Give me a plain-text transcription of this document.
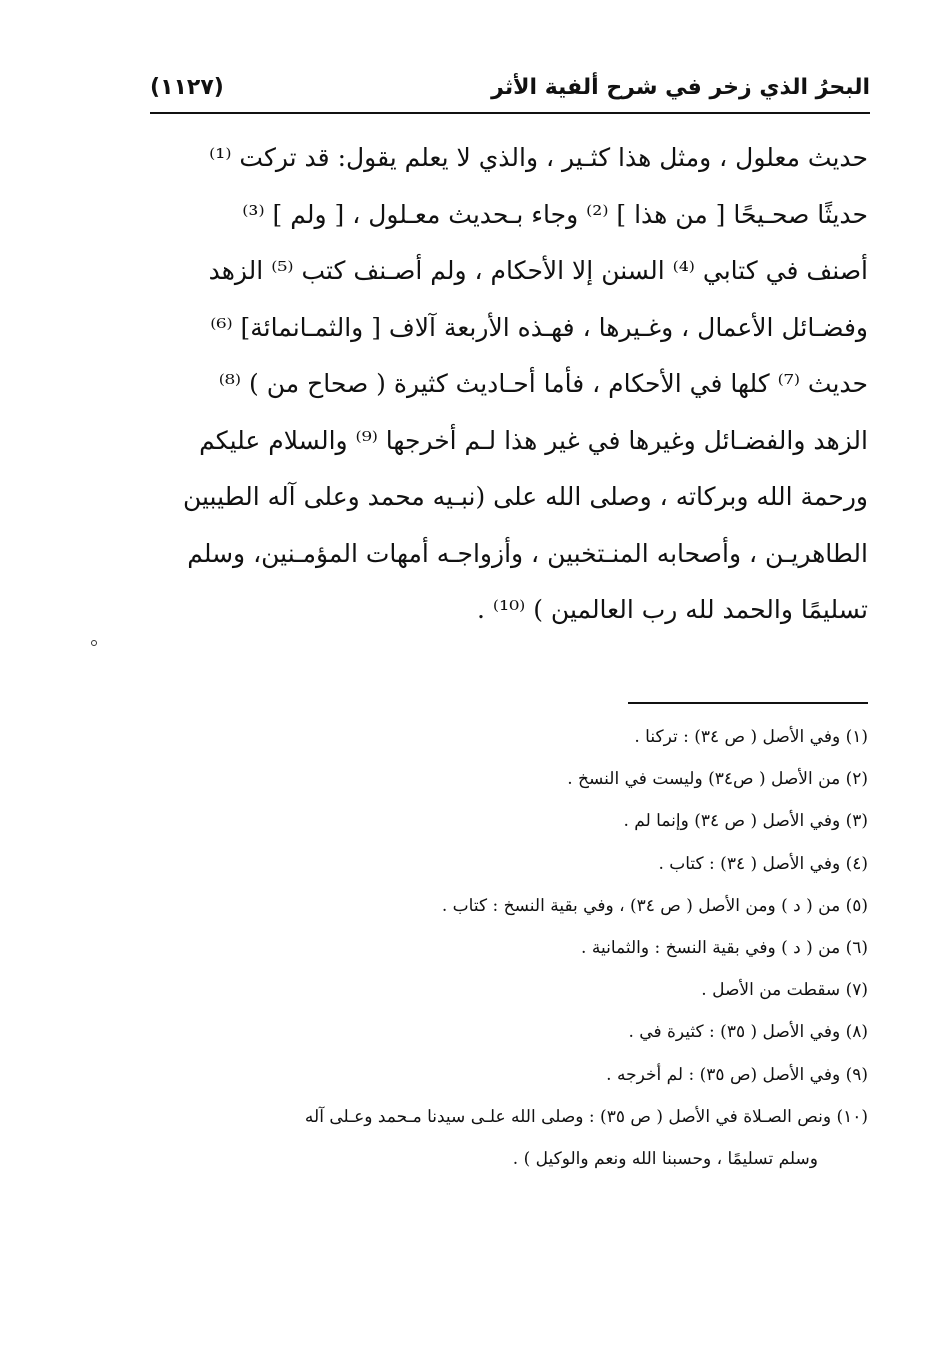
البحرُ الذي زخر في شرح ألفية الأثر
(١١٢٧)
حديث معلول ، ومثل هذا كثـير ، والذي لا يعلم يقول: قد تركت ⁽¹⁾
حديثًا صحـيحًا [ من هذا ] ⁽²⁾ وجاء بـحديث معـلول ، [ ولم ] ⁽³⁾
أصنف في كتابي ⁽⁴⁾ السنن إلا الأحكام ، ولم أصـنف كتب ⁽⁵⁾ الزهد
وفضـائل الأعمال ، وغـيرها ، فهـذه الأربعة آلاف [ والثمـانمائة] ⁽⁶⁾
حديث ⁽⁷⁾ كلها في الأحكام ، فأما أحـاديث كثيرة ( صحاح من ) ⁽⁸⁾
الزهد والفضـائل وغيرها في غير هذا لـم أخرجها ⁽⁹⁾ والسلام عليكم
ورحمة الله وبركاته ، وصلى الله على (نبـيه محمد وعلى آله الطيبين
الطاهريـن ، وأصحابه المنـتخبين ، وأزواجـه أمهات المؤمـنين، وسلم
تسليمًا والحمد لله رب العالمين ) ⁽¹⁰⁾ .
(١) وفي الأصل ( ص ٣٤) : تركنا .
(٢) من الأصل ( ص٣٤) وليست في النسخ .
(٣) وفي الأصل ( ص ٣٤) وإنما لم .
(٤) وفي الأصل ( ٣٤) : كتاب .
(٥) من ( د ) ومن الأصل ( ص ٣٤) ، وفي بقية النسخ : كتاب .
(٦) من ( د ) وفي بقية النسخ : والثمانية .
(٧) سقطت من الأصل .
(٨) وفي الأصل ( ٣٥) : كثيرة في .
(٩) وفي الأصل (ص ٣٥) : لم أخرجه .
(١٠) ونص الصـلاة في الأصل ( ص ٣٥) : وصلى الله علـى سيدنا مـحمد وعـلى آله
وسلم تسليمًا ، وحسبنا الله ونعم والوكيل ) .
